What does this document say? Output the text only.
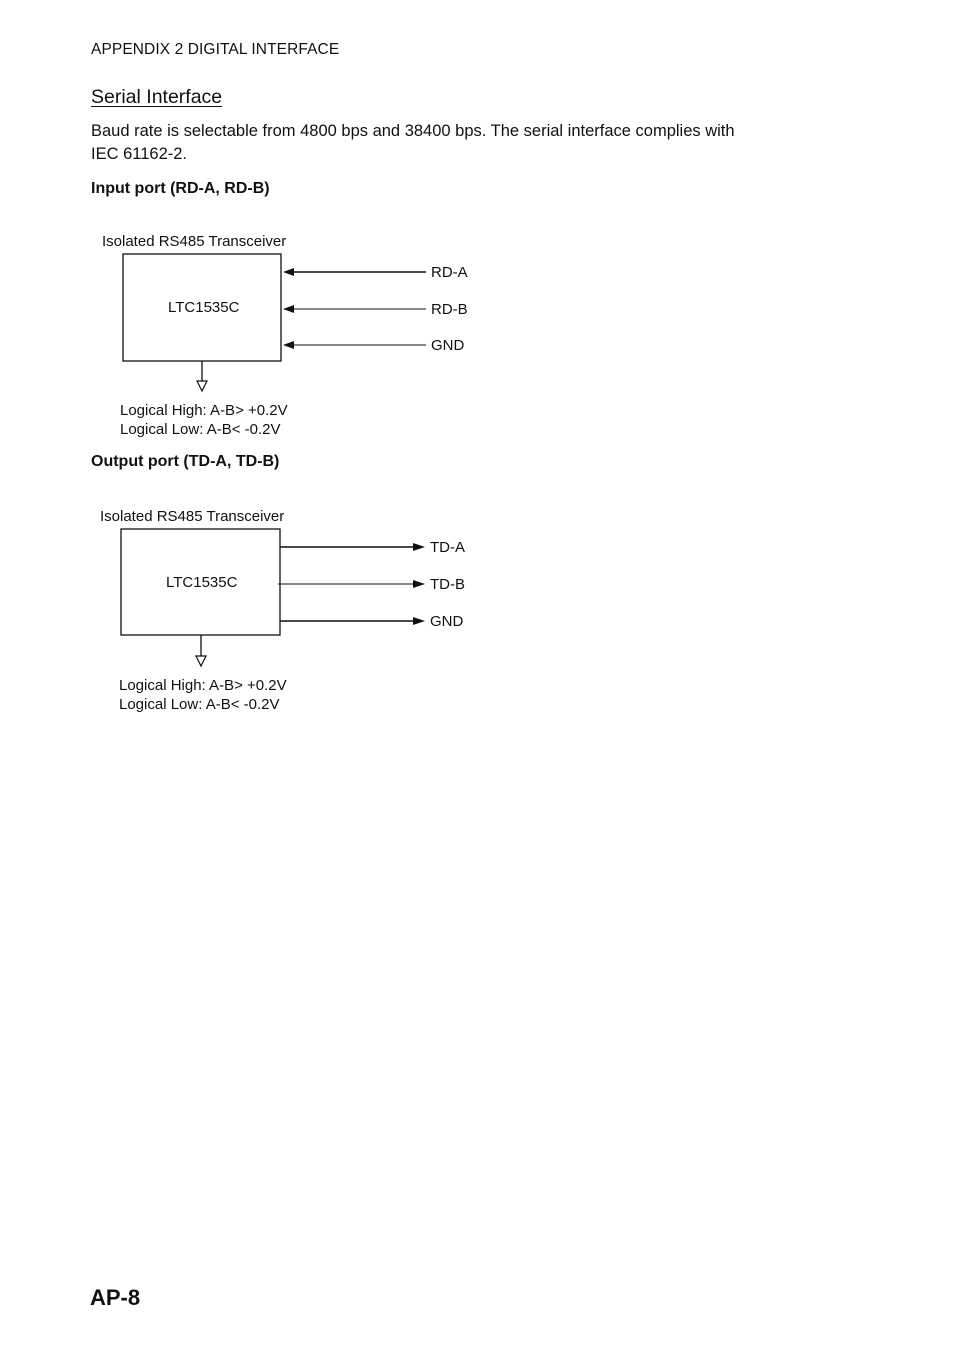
APPENDIX 2 DIGITAL INTERFACE
Serial Interface
Baud rate is selectable from 4800 bps and 38400 bps. The serial interface complies with
IEC 61162-2.
Input port (RD-A, RD-B)
Isolated RS485 Transceiver
LTC1535C
RD-A
RD-B
GND
Logical High: A-B> +0.2V
Logical Low: A-B< -0.2V
Output port (TD-A, TD-B)
Isolated RS485 Transceiver
LTC1535C
TD-A
TD-B
GND
Logical High: A-B> +0.2V
Logical Low: A-B< -0.2V
AP-8
